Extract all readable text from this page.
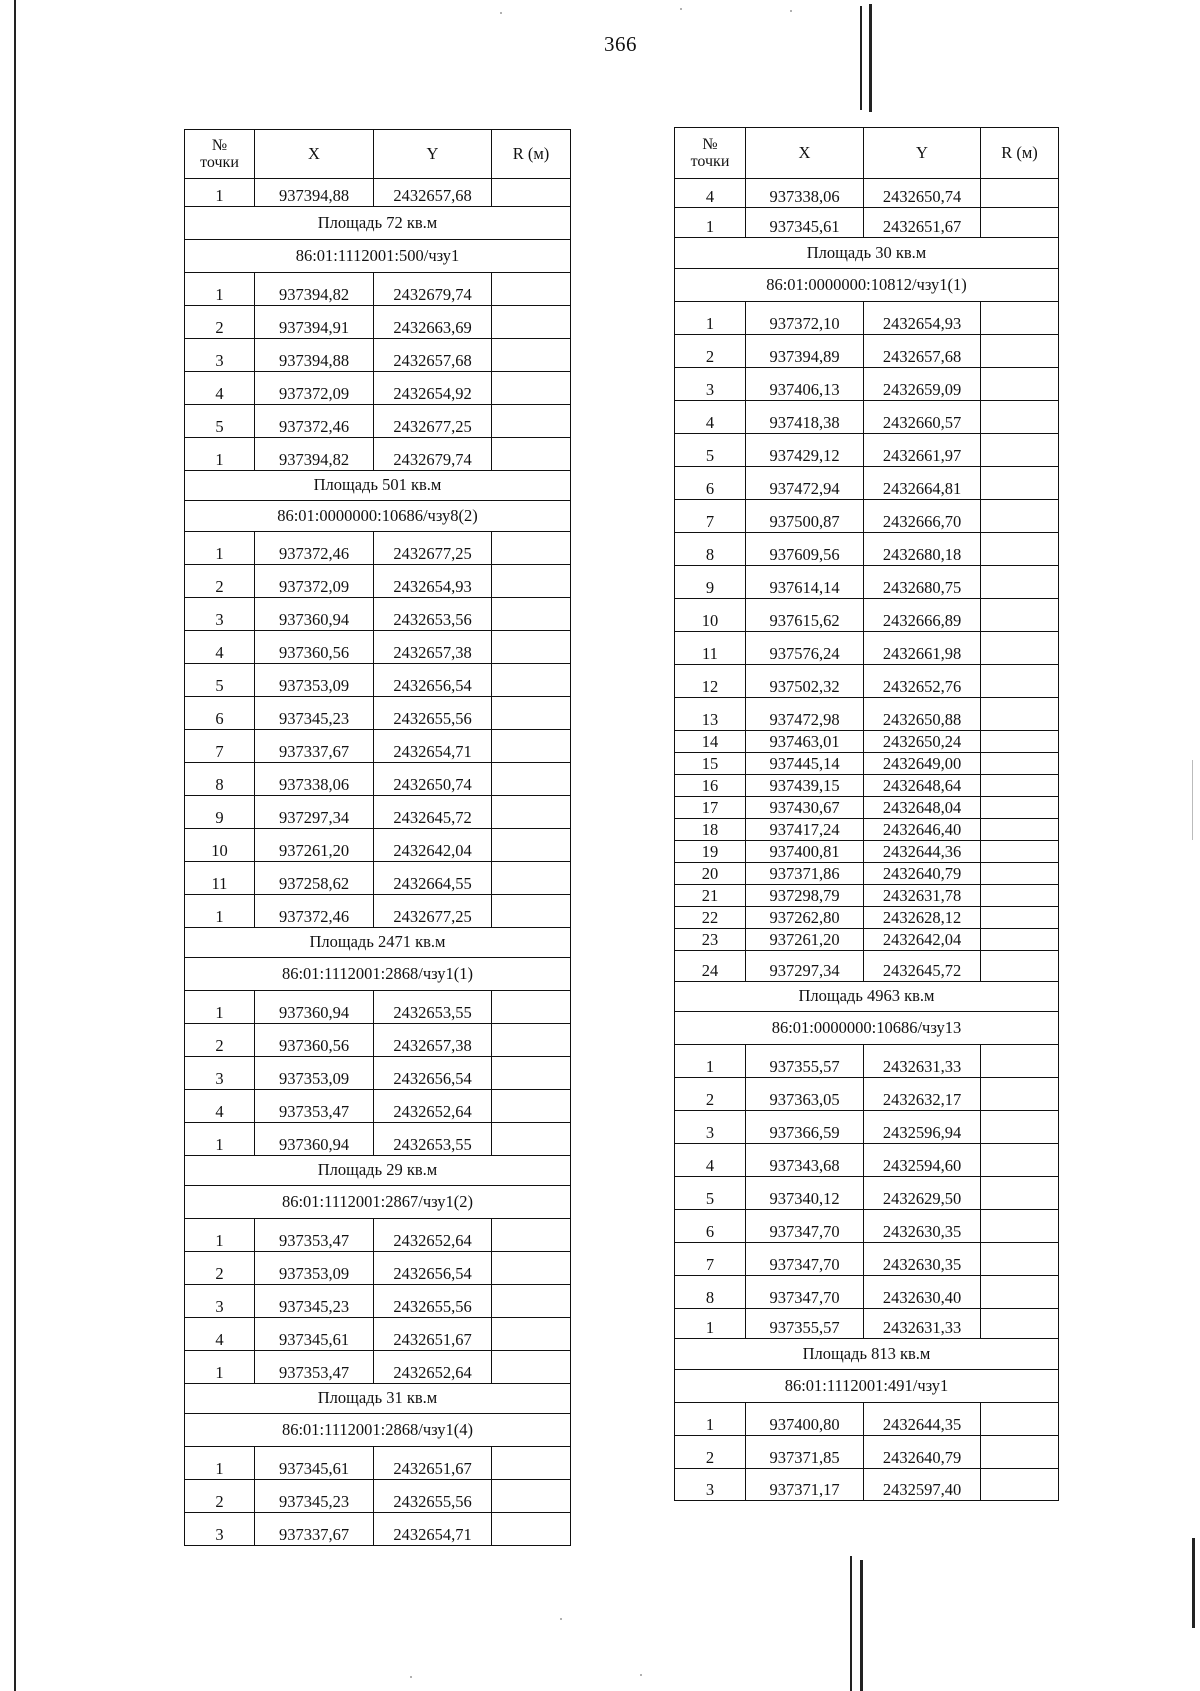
366
№
точки	X	Y	R (м)
1	937394,88	2432657,68	
Площадь 72 кв.м			
86:01:1112001:500/чзу1			
1	937394,82	2432679,74	
2	937394,91	2432663,69	
3	937394,88	2432657,68	
4	937372,09	2432654,92	
5	937372,46	2432677,25	
1	937394,82	2432679,74	
Площадь 501 кв.м			
86:01:0000000:10686/чзу8(2)			
1	937372,46	2432677,25	
2	937372,09	2432654,93	
3	937360,94	2432653,56	
4	937360,56	2432657,38	
5	937353,09	2432656,54	
6	937345,23	2432655,56	
7	937337,67	2432654,71	
8	937338,06	2432650,74	
9	937297,34	2432645,72	
10	937261,20	2432642,04	
11	937258,62	2432664,55	
1	937372,46	2432677,25	
Площадь 2471 кв.м			
86:01:1112001:2868/чзу1(1)			
1	937360,94	2432653,55	
2	937360,56	2432657,38	
3	937353,09	2432656,54	
4	937353,47	2432652,64	
1	937360,94	2432653,55	
Площадь 29 кв.м			
86:01:1112001:2867/чзу1(2)			
1	937353,47	2432652,64	
2	937353,09	2432656,54	
3	937345,23	2432655,56	
4	937345,61	2432651,67	
1	937353,47	2432652,64	
Площадь 31 кв.м			
86:01:1112001:2868/чзу1(4)			
1	937345,61	2432651,67	
2	937345,23	2432655,56	
3	937337,67	2432654,71	
№
точки	X	Y	R (м)
4	937338,06	2432650,74	
1	937345,61	2432651,67	
Площадь 30 кв.м			
86:01:0000000:10812/чзу1(1)			
1	937372,10	2432654,93	
2	937394,89	2432657,68	
3	937406,13	2432659,09	
4	937418,38	2432660,57	
5	937429,12	2432661,97	
6	937472,94	2432664,81	
7	937500,87	2432666,70	
8	937609,56	2432680,18	
9	937614,14	2432680,75	
10	937615,62	2432666,89	
11	937576,24	2432661,98	
12	937502,32	2432652,76	
13	937472,98	2432650,88	
14	937463,01	2432650,24	
15	937445,14	2432649,00	
16	937439,15	2432648,64	
17	937430,67	2432648,04	
18	937417,24	2432646,40	
19	937400,81	2432644,36	
20	937371,86	2432640,79	
21	937298,79	2432631,78	
22	937262,80	2432628,12	
23	937261,20	2432642,04	
24	937297,34	2432645,72	
Площадь 4963 кв.м			
86:01:0000000:10686/чзу13			
1	937355,57	2432631,33	
2	937363,05	2432632,17	
3	937366,59	2432596,94	
4	937343,68	2432594,60	
5	937340,12	2432629,50	
6	937347,70	2432630,35	
7	937347,70	2432630,35	
8	937347,70	2432630,40	
1	937355,57	2432631,33	
Площадь 813 кв.м			
86:01:1112001:491/чзу1			
1	937400,80	2432644,35	
2	937371,85	2432640,79	
3	937371,17	2432597,40	
